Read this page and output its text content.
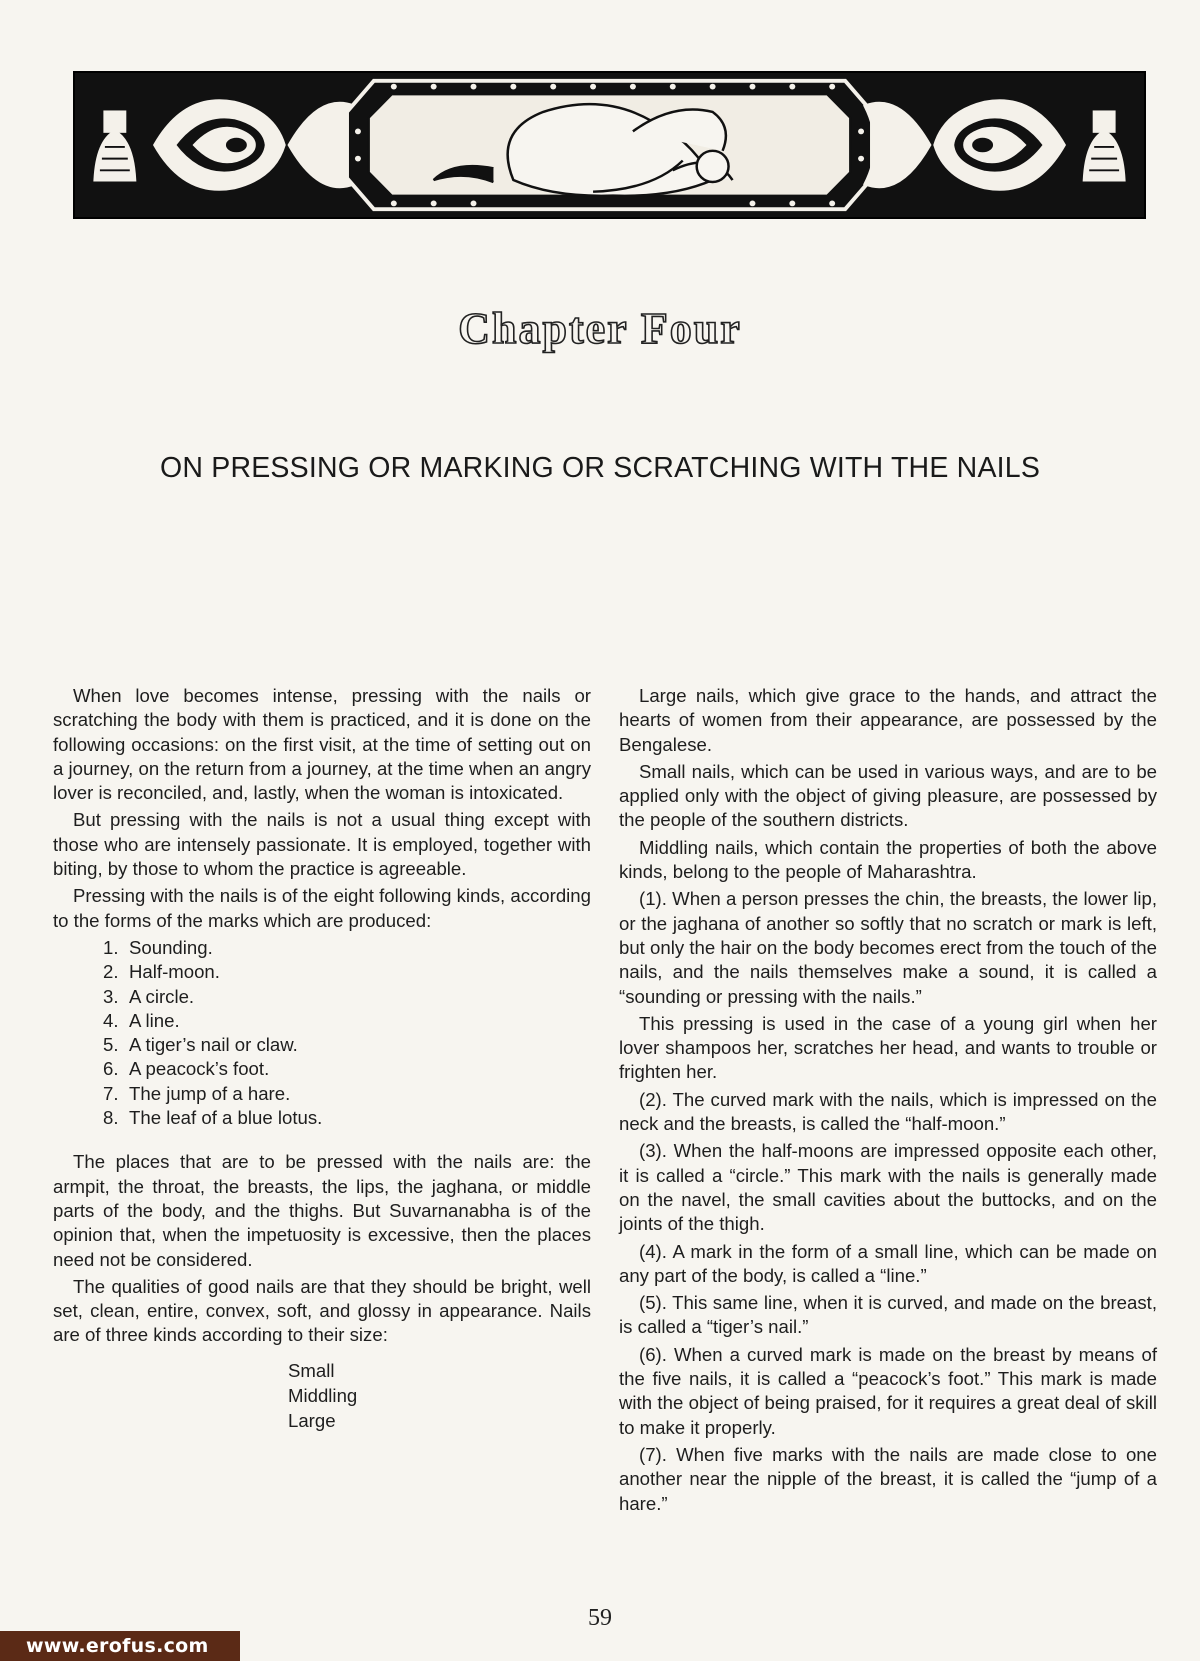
Chapter Four
ON PRESSING OR MARKING OR SCRATCHING WITH THE NAILS

When love becomes intense, pressing with the nails or scratching the body with them is practiced, and it is done on the following occasions: on the first visit, at the time of setting out on a journey, on the return from a journey, at the time when an angry lover is reconciled, and, lastly, when the woman is intoxicated.

But pressing with the nails is not a usual thing except with those who are intensely passionate. It is employed, together with biting, by those to whom the practice is agreeable.

Pressing with the nails is of the eight following kinds, according to the forms of the marks which are produced:

1. Sounding.
2. Half-moon.
3. A circle.
4. A line.
5. A tiger’s nail or claw.
6. A peacock’s foot.
7. The jump of a hare.
8. The leaf of a blue lotus.

The places that are to be pressed with the nails are: the armpit, the throat, the breasts, the lips, the jaghana, or middle parts of the body, and the thighs. But Suvarnanabha is of the opinion that, when the impetuosity is excessive, then the places need not be considered.

The qualities of good nails are that they should be bright, well set, clean, entire, convex, soft, and glossy in appearance. Nails are of three kinds according to their size:

Small
Middling
Large

Large nails, which give grace to the hands, and attract the hearts of women from their appearance, are possessed by the Bengalese.

Small nails, which can be used in various ways, and are to be applied only with the object of giving pleasure, are possessed by the people of the southern districts.

Middling nails, which contain the properties of both the above kinds, belong to the people of Maharashtra.

(1). When a person presses the chin, the breasts, the lower lip, or the jaghana of another so softly that no scratch or mark is left, but only the hair on the body becomes erect from the touch of the nails, and the nails themselves make a sound, it is called a “sounding or pressing with the nails.”

This pressing is used in the case of a young girl when her lover shampoos her, scratches her head, and wants to trouble or frighten her.

(2). The curved mark with the nails, which is impressed on the neck and the breasts, is called the “half-moon.”

(3). When the half-moons are impressed opposite each other, it is called a “circle.” This mark with the nails is generally made on the navel, the small cavities about the buttocks, and on the joints of the thigh.

(4). A mark in the form of a small line, which can be made on any part of the body, is called a “line.”

(5). This same line, when it is curved, and made on the breast, is called a “tiger’s nail.”

(6). When a curved mark is made on the breast by means of the five nails, it is called a “peacock’s foot.” This mark is made with the object of being praised, for it requires a great deal of skill to make it properly.

(7). When five marks with the nails are made close to one another near the nipple of the breast, it is called the “jump of a hare.”

59
www.erofus.com
